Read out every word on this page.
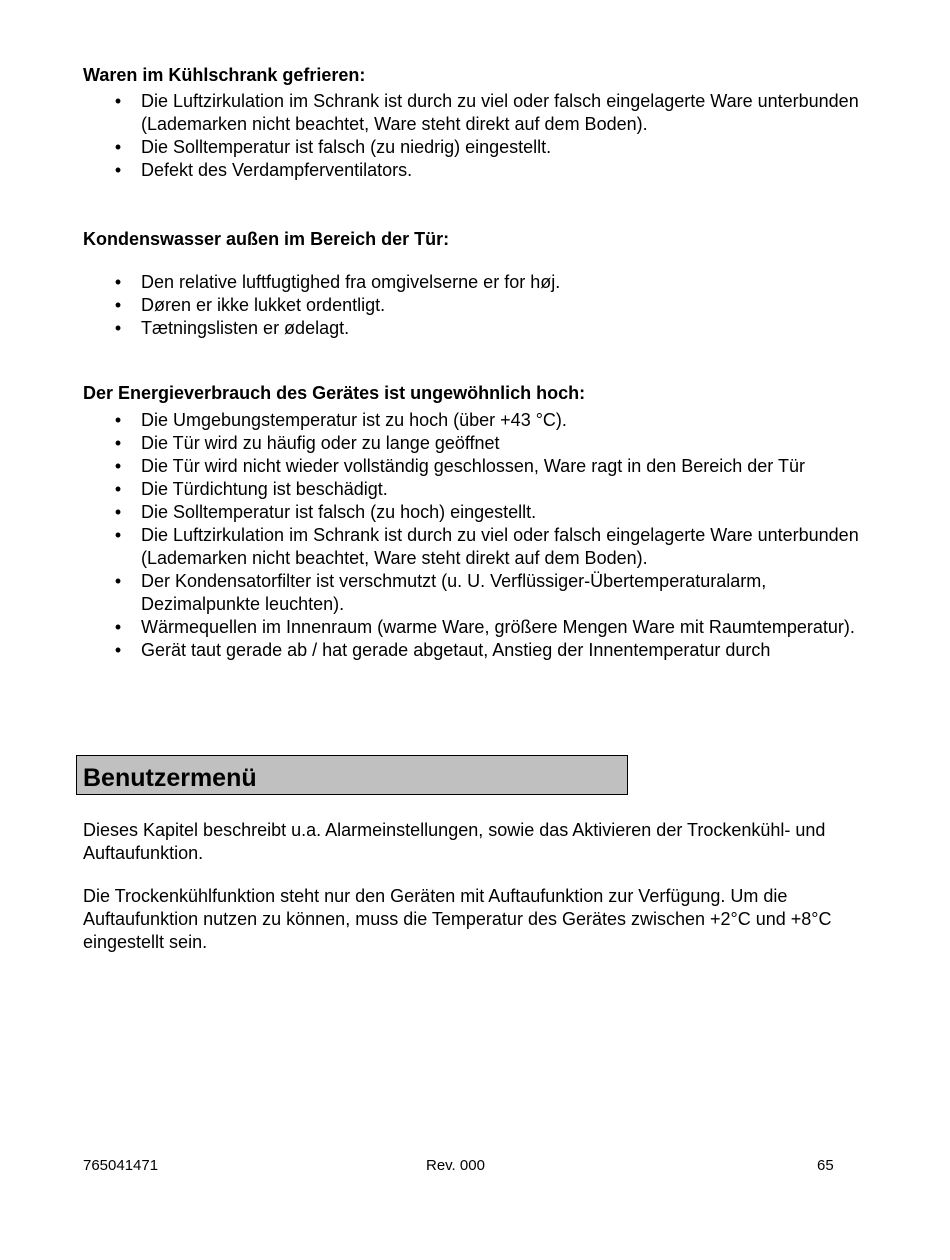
Waren im Kühlschrank gefrieren:
• Die Luftzirkulation im Schrank ist durch zu viel oder falsch eingelagerte Ware unterbunden (Lademarken nicht beachtet, Ware steht direkt auf dem Boden).
• Die Solltemperatur ist falsch (zu niedrig) eingestellt.
• Defekt des Verdampferventilators.
Kondenswasser außen im Bereich der Tür:
• Den relative luftfugtighed fra omgivelserne er for høj.
• Døren er ikke lukket ordentligt.
• Tætningslisten er ødelagt.
Der Energieverbrauch des Gerätes ist ungewöhnlich hoch:
• Die Umgebungstemperatur ist zu hoch (über +43 °C).
• Die Tür wird zu häufig oder zu lange geöffnet
• Die Tür wird nicht wieder vollständig geschlossen, Ware ragt in den Bereich der Tür
• Die Türdichtung ist beschädigt.
• Die Solltemperatur ist falsch (zu hoch) eingestellt.
• Die Luftzirkulation im Schrank ist durch zu viel oder falsch eingelagerte Ware unterbunden (Lademarken nicht beachtet, Ware steht direkt auf dem Boden).
• Der Kondensatorfilter ist verschmutzt (u. U. Verflüssiger-Übertemperaturalarm, Dezimalpunkte leuchten).
• Wärmequellen im Innenraum (warme Ware, größere Mengen Ware mit Raumtemperatur).
• Gerät taut gerade ab / hat gerade abgetaut, Anstieg der Innentemperatur durch
Benutzermenü

Dieses Kapitel beschreibt u.a. Alarmeinstellungen, sowie das Aktivieren der Trockenkühl- und Auftaufunktion.

Die Trockenkühlfunktion steht nur den Geräten mit Auftaufunktion zur Verfügung. Um die Auftaufunktion nutzen zu können, muss die Temperatur des Gerätes zwischen +2°C und +8°C eingestellt sein.

765041471	Rev. 000	65
